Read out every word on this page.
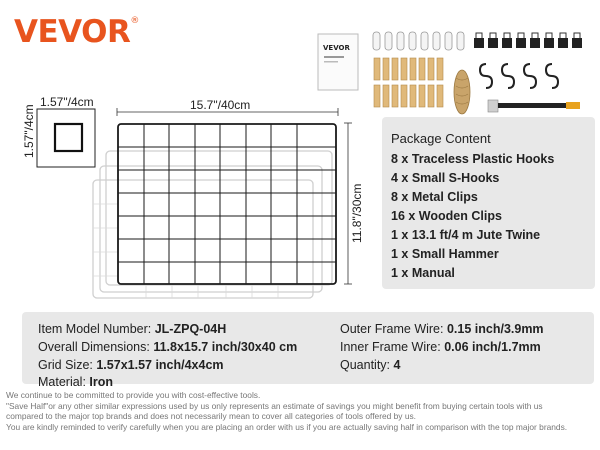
VEVOR®
VEVOR
1.57"/4cm
1.57"/4cm	15.7"/40cm
11.8"/30cm
Package Content
8 x Traceless Plastic Hooks
4 x Small S-Hooks
8 x Metal Clips
16 x Wooden Clips
1 x 13.1 ft/4 m Jute Twine
1 x Small Hammer
1 x Manual
Item Model Number: JL-ZPQ-04H
Overall Dimensions: 11.8x15.7 inch/30x40 cm
Grid Size: 1.57x1.57 inch/4x4cm
Material: Iron
Outer Frame Wire: 0.15 inch/3.9mm
Inner Frame Wire: 0.06 inch/1.7mm
Quantity: 4
We continue to be committed to provide you with cost-effective tools.
"Save Half"or any other similar expressions used by us only represents an estimate of savings you might benefit from buying certain tools with us
compared to the major top brands and does not necessarily mean to cover all categories of tools offered by us.
You are kindly reminded to verify carefully when you are placing an order with us if you are actually saving half in comparison with the top major brands.
